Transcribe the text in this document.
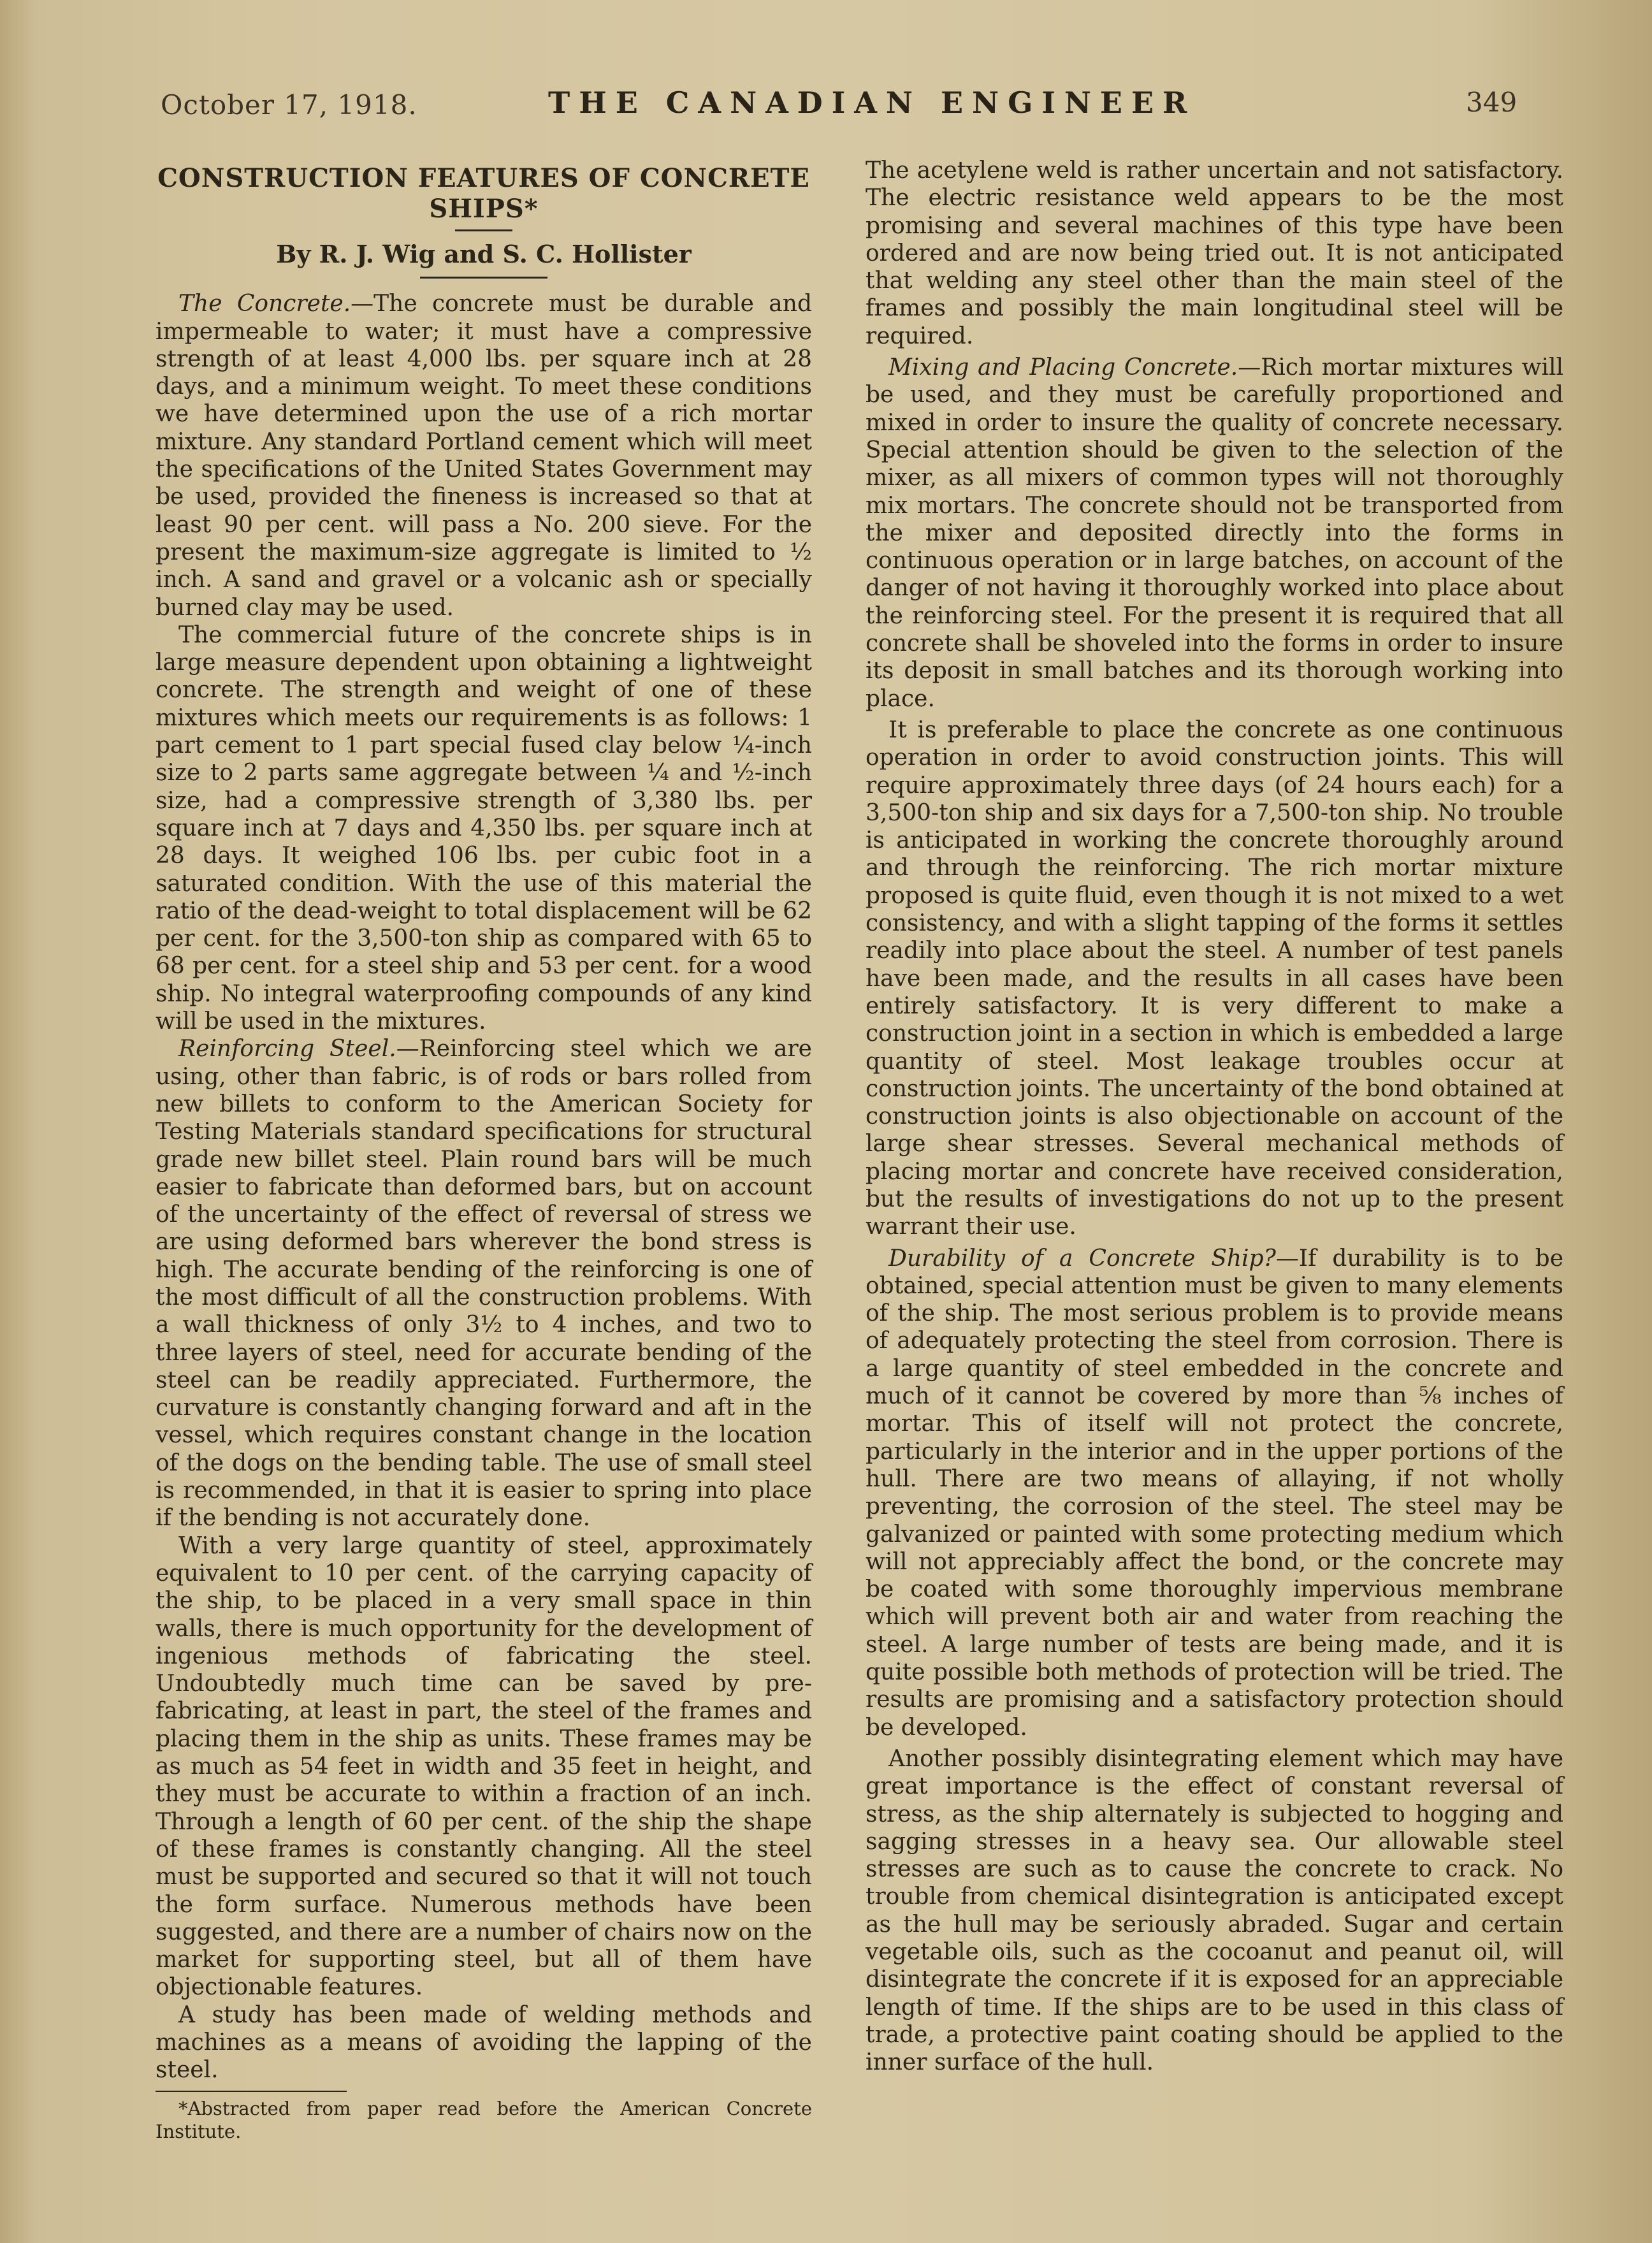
October 17, 1918.	THE CANADIAN ENGINEER	349
CONSTRUCTION FEATURES OF CONCRETE SHIPS*
By R. J. Wig and S. C. Hollister

The Concrete.—The concrete must be durable and impermeable to water; it must have a compressive strength of at least 4,000 lbs. per square inch at 28 days, and a minimum weight. To meet these conditions we have determined upon the use of a rich mortar mixture. Any standard Portland cement which will meet the specifications of the United States Government may be used, provided the fineness is increased so that at least 90 per cent. will pass a No. 200 sieve. For the present the maximum-size aggregate is limited to ½ inch. A sand and gravel or a volcanic ash or specially burned clay may be used.

The commercial future of the concrete ships is in large measure dependent upon obtaining a lightweight concrete. The strength and weight of one of these mixtures which meets our requirements is as follows: 1 part cement to 1 part special fused clay below ¼-inch size to 2 parts same aggregate between ¼ and ½-inch size, had a compressive strength of 3,380 lbs. per square inch at 7 days and 4,350 lbs. per square inch at 28 days. It weighed 106 lbs. per cubic foot in a saturated condition. With the use of this material the ratio of the dead-weight to total displacement will be 62 per cent. for the 3,500-ton ship as compared with 65 to 68 per cent. for a steel ship and 53 per cent. for a wood ship. No integral waterproofing compounds of any kind will be used in the mixtures.

Reinforcing Steel.—Reinforcing steel which we are using, other than fabric, is of rods or bars rolled from new billets to conform to the American Society for Testing Materials standard specifications for structural grade new billet steel. Plain round bars will be much easier to fabricate than deformed bars, but on account of the uncertainty of the effect of reversal of stress we are using deformed bars wherever the bond stress is high. The accurate bending of the reinforcing is one of the most difficult of all the construction problems. With a wall thickness of only 3½ to 4 inches, and two to three layers of steel, need for accurate bending of the steel can be readily appreciated. Furthermore, the curvature is constantly changing forward and aft in the vessel, which requires constant change in the location of the dogs on the bending table. The use of small steel is recommended, in that it is easier to spring into place if the bending is not accurately done.

With a very large quantity of steel, approximately equivalent to 10 per cent. of the carrying capacity of the ship, to be placed in a very small space in thin walls, there is much opportunity for the development of ingenious methods of fabricating the steel. Undoubtedly much time can be saved by pre-fabricating, at least in part, the steel of the frames and placing them in the ship as units. These frames may be as much as 54 feet in width and 35 feet in height, and they must be accurate to within a fraction of an inch. Through a length of 60 per cent. of the ship the shape of these frames is constantly changing. All the steel must be supported and secured so that it will not touch the form surface. Numerous methods have been suggested, and there are a number of chairs now on the market for supporting steel, but all of them have objectionable features.

A study has been made of welding methods and machines as a means of avoiding the lapping of the steel.

*Abstracted from paper read before the American Concrete Institute.

The acetylene weld is rather uncertain and not satisfactory. The electric resistance weld appears to be the most promising and several machines of this type have been ordered and are now being tried out. It is not anticipated that welding any steel other than the main steel of the frames and possibly the main longitudinal steel will be required.

Mixing and Placing Concrete.—Rich mortar mixtures will be used, and they must be carefully proportioned and mixed in order to insure the quality of concrete necessary. Special attention should be given to the selection of the mixer, as all mixers of common types will not thoroughly mix mortars. The concrete should not be transported from the mixer and deposited directly into the forms in continuous operation or in large batches, on account of the danger of not having it thoroughly worked into place about the reinforcing steel. For the present it is required that all concrete shall be shoveled into the forms in order to insure its deposit in small batches and its thorough working into place.

It is preferable to place the concrete as one continuous operation in order to avoid construction joints. This will require approximately three days (of 24 hours each) for a 3,500-ton ship and six days for a 7,500-ton ship. No trouble is anticipated in working the concrete thoroughly around and through the reinforcing. The rich mortar mixture proposed is quite fluid, even though it is not mixed to a wet consistency, and with a slight tapping of the forms it settles readily into place about the steel. A number of test panels have been made, and the results in all cases have been entirely satisfactory. It is very different to make a construction joint in a section in which is embedded a large quantity of steel. Most leakage troubles occur at construction joints. The uncertainty of the bond obtained at construction joints is also objectionable on account of the large shear stresses. Several mechanical methods of placing mortar and concrete have received consideration, but the results of investigations do not up to the present warrant their use.

Durability of a Concrete Ship?—If durability is to be obtained, special attention must be given to many elements of the ship. The most serious problem is to provide means of adequately protecting the steel from corrosion. There is a large quantity of steel embedded in the concrete and much of it cannot be covered by more than ⅝ inches of mortar. This of itself will not protect the concrete, particularly in the interior and in the upper portions of the hull. There are two means of allaying, if not wholly preventing, the corrosion of the steel. The steel may be galvanized or painted with some protecting medium which will not appreciably affect the bond, or the concrete may be coated with some thoroughly impervious membrane which will prevent both air and water from reaching the steel. A large number of tests are being made, and it is quite possible both methods of protection will be tried. The results are promising and a satisfactory protection should be developed.

Another possibly disintegrating element which may have great importance is the effect of constant reversal of stress, as the ship alternately is subjected to hogging and sagging stresses in a heavy sea. Our allowable steel stresses are such as to cause the concrete to crack. No trouble from chemical disintegration is anticipated except as the hull may be seriously abraded. Sugar and certain vegetable oils, such as the cocoanut and peanut oil, will disintegrate the concrete if it is exposed for an appreciable length of time. If the ships are to be used in this class of trade, a protective paint coating should be applied to the inner surface of the hull.
